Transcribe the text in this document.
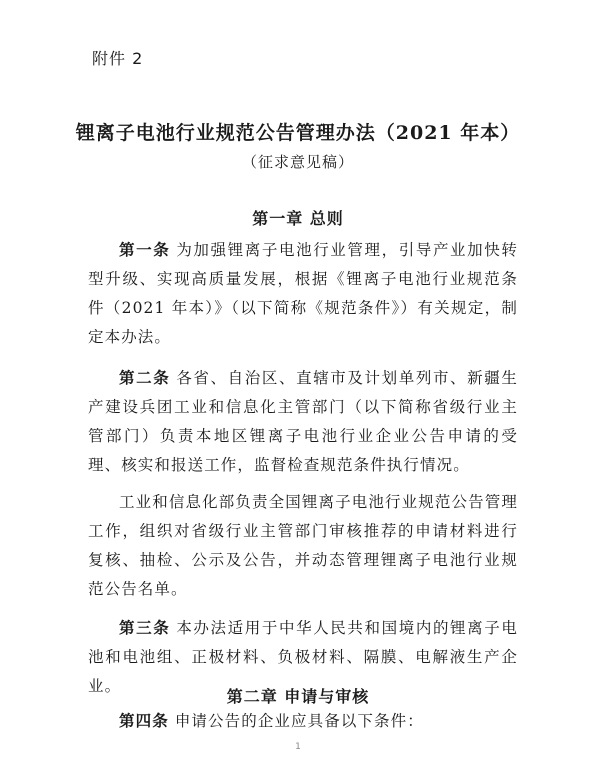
附件 2
锂离子电池行业规范公告管理办法（2021 年本）
（征求意见稿）
第一章 总则
第一条 为加强锂离子电池行业管理，引导产业加快转型升级、实现高质量发展，根据《锂离子电池行业规范条件（2021 年本）》（以下简称《规范条件》）有关规定，制定本办法。
第二条 各省、自治区、直辖市及计划单列市、新疆生产建设兵团工业和信息化主管部门（以下简称省级行业主管部门）负责本地区锂离子电池行业企业公告申请的受理、核实和报送工作，监督检查规范条件执行情况。
工业和信息化部负责全国锂离子电池行业规范公告管理工作，组织对省级行业主管部门审核推荐的申请材料进行复核、抽检、公示及公告，并动态管理锂离子电池行业规范公告名单。
第三条 本办法适用于中华人民共和国境内的锂离子电池和电池组、正极材料、负极材料、隔膜、电解液生产企业。
第二章 申请与审核
第四条 申请公告的企业应具备以下条件：
1
